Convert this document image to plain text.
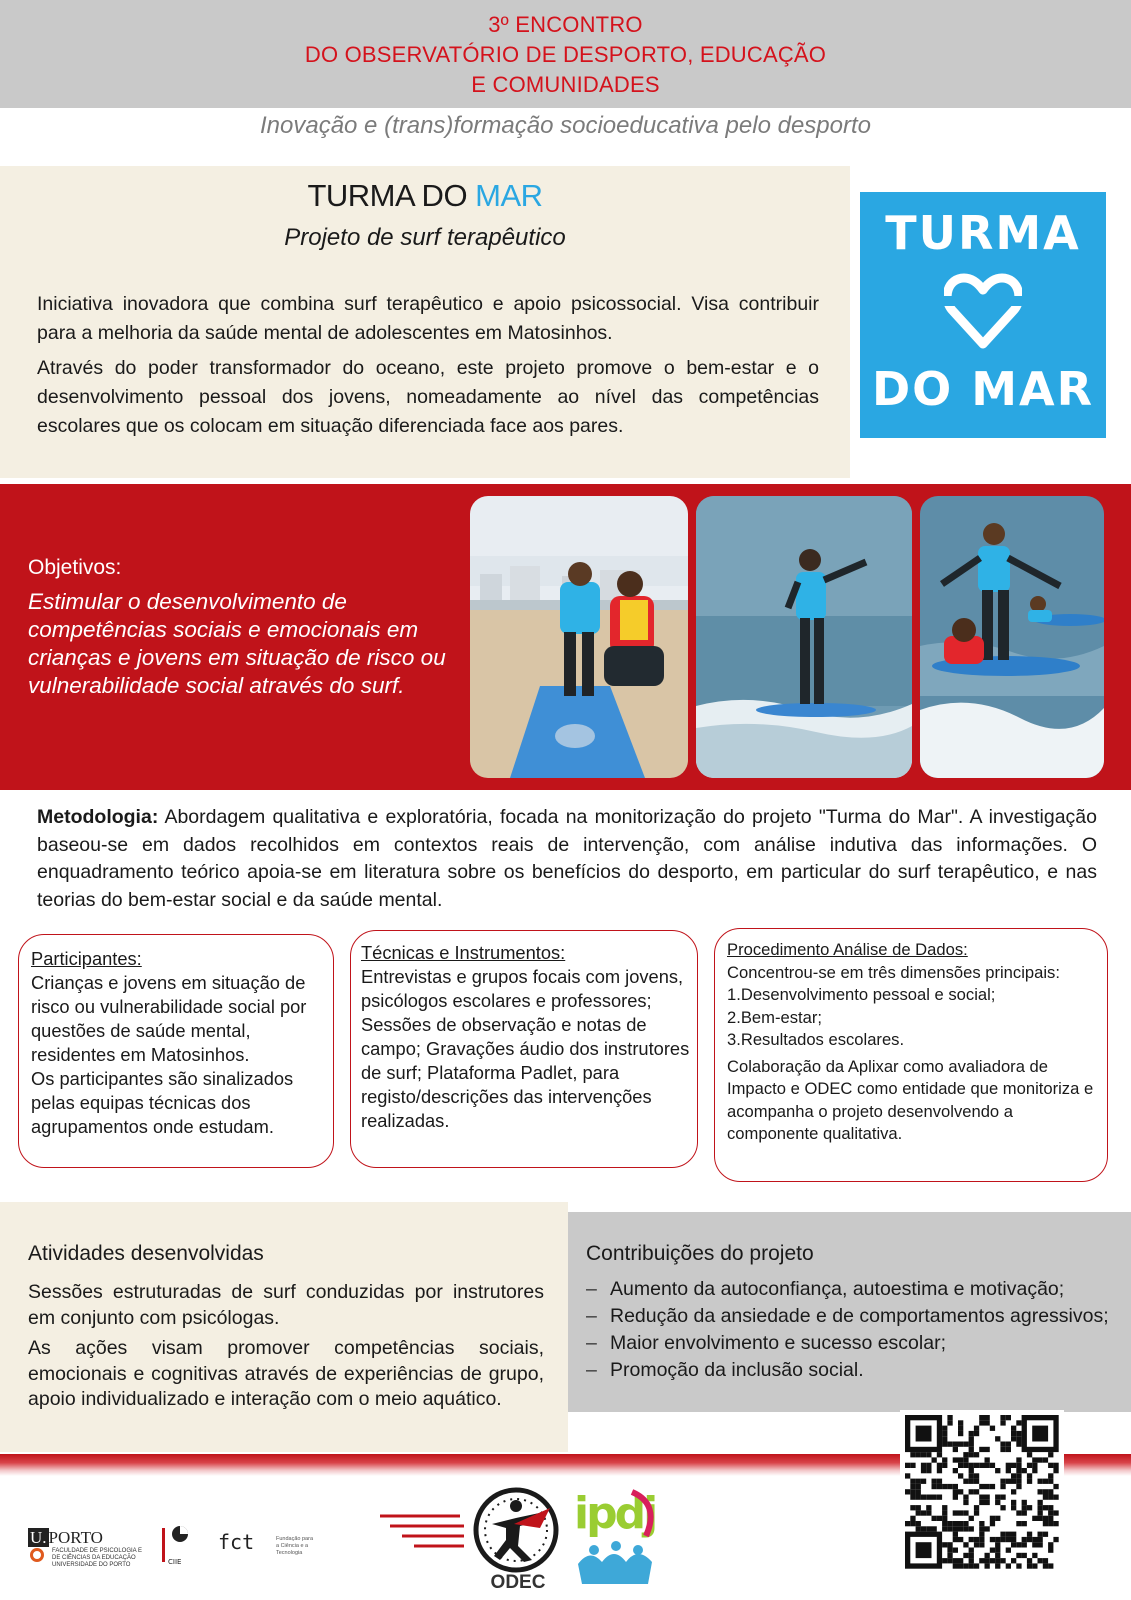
3º ENCONTRO
DO OBSERVATÓRIO DE DESPORTO, EDUCAÇÃO
E COMUNIDADES
Inovação e (trans)formação socioeducativa pelo desporto
TURMA DO MAR
Projeto de surf terapêutico
Iniciativa inovadora que combina surf terapêutico e apoio psicossocial. Visa contribuir para a melhoria da saúde mental de adolescentes em Matosinhos.
Através do poder transformador do oceano, este projeto promove o bem-estar e o desenvolvimento pessoal dos jovens, nomeadamente ao nível das competências escolares que os colocam em situação diferenciada face aos pares.
TURMA
DO MAR
Objetivos:
Estimular o desenvolvimento de competências sociais e emocionais em crianças e jovens em situação de risco ou vulnerabilidade social através do surf.
Metodologia: Abordagem qualitativa e exploratória, focada na monitorização do projeto "Turma do Mar". A investigação baseou-se em dados recolhidos em contextos reais de intervenção, com análise indutiva das informações. O enquadramento teórico apoia-se em literatura sobre os benefícios do desporto, em particular do surf terapêutico, e nas teorias do bem-estar social e da saúde mental.
Participantes:
Crianças e jovens em situação de risco ou vulnerabilidade social por questões de saúde mental, residentes em Matosinhos.
Os participantes são sinalizados pelas equipas técnicas dos agrupamentos onde estudam.
Técnicas e Instrumentos:
Entrevistas e grupos focais com jovens, psicólogos escolares e professores; Sessões de observação e notas de campo; Gravações áudio dos instrutores de surf; Plataforma Padlet, para registo/descrições das intervenções realizadas.
Procedimento Análise de Dados:
Concentrou-se em três dimensões principais:
1.Desenvolvimento pessoal e social;
2.Bem-estar;
3.Resultados escolares.
Colaboração da Aplixar como avaliadora de Impacto e ODEC como entidade que monitoriza e acompanha o projeto desenvolvendo a componente qualitativa.
Atividades desenvolvidas
Sessões estruturadas de surf conduzidas por instrutores em conjunto com psicólogas.
As ações visam promover competências sociais, emocionais e cognitivas através de experiências de grupo, apoio individualizado e interação com o meio aquático.
Contribuições do projeto
– Aumento da autoconfiança, autoestima e motivação;
– Redução da ansiedade e de comportamentos agressivos;
– Maior envolvimento e sucesso escolar;
– Promoção da inclusão social.
U. PORTO
FACULDADE DE PSICOLOGIA E DE CIÊNCIAS DA EDUCAÇÃO UNIVERSIDADE DO PORTO	CIIE
fct	Fundação para a Ciência e a Tecnologia
ODEC
ipdj
